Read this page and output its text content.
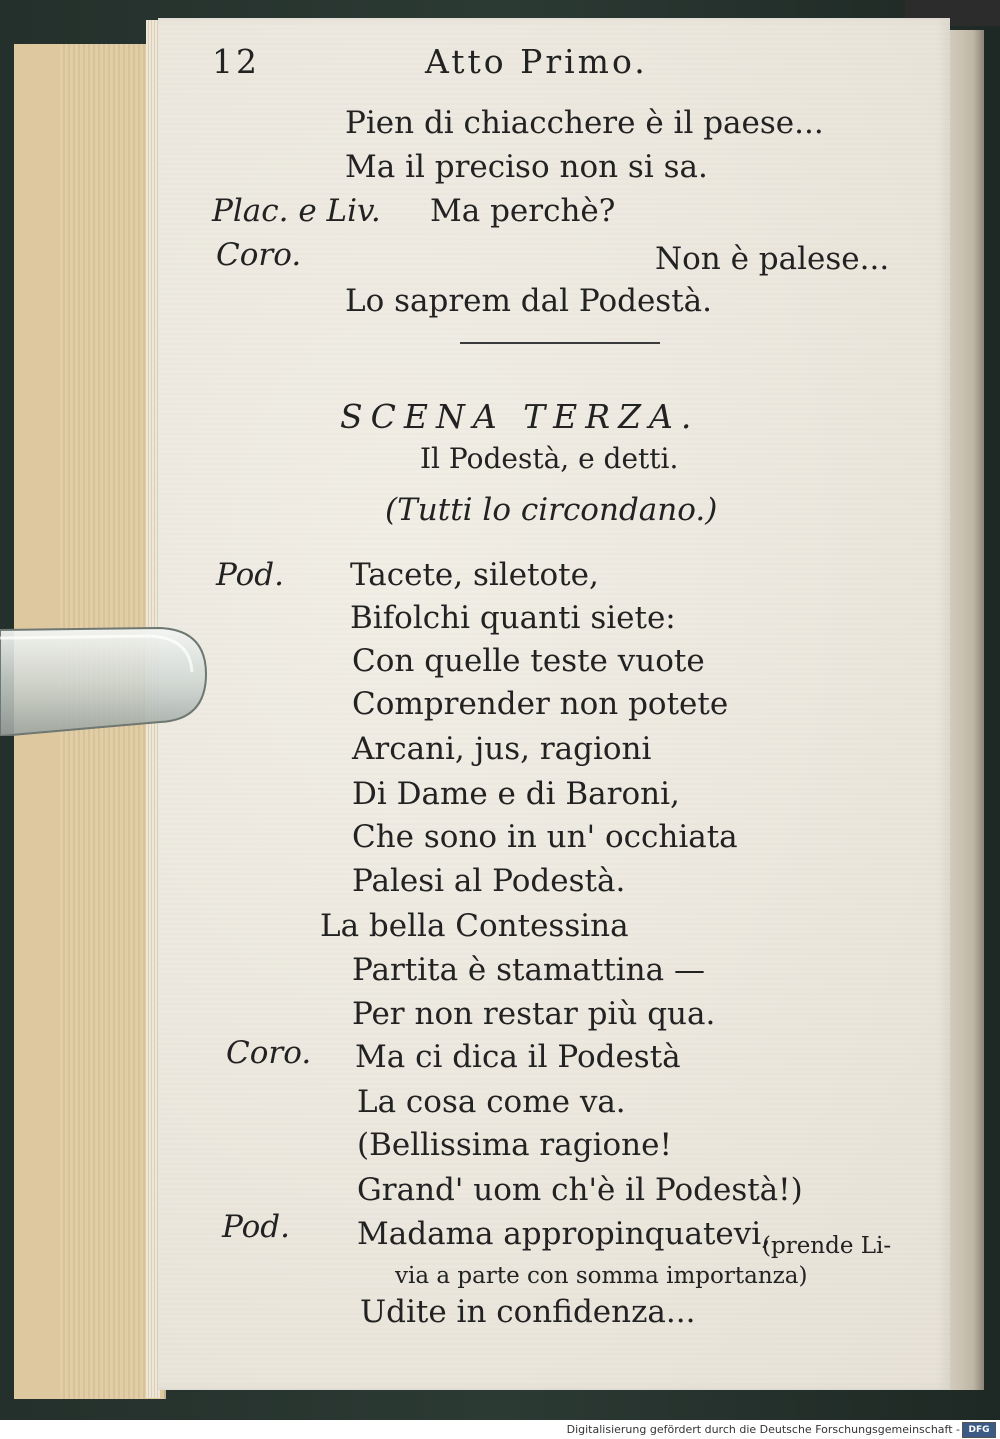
12	Atto Primo.
Pien di chiacchere è il paese...
Ma il preciso non si sa.
Plac. e Liv. Ma perchè?
Coro.	Non è palese...
Lo saprem dal Podestà.
SCENA TERZA.
Il Podestà, e detti.
(Tutti lo circondano.)
Pod. Tacete, siletote,
Bifolchi quanti siete:
Con quelle teste vuote
Comprender non potete
Arcani, jus, ragioni
Di Dame e di Baroni,
Che sono in un' occhiata
Palesi al Podestà.
La bella Contessina
Partita è stamattina —
Per non restar più qua.
Coro. Ma ci dica il Podestà
La cosa come va.
(Bellissima ragione!
Grand' uom ch'è il Podestà!)
Pod. Madama appropinquatevi,
(prende Li-
via a parte con somma importanza)
Udite in confidenza...
Digitalisierung gefördert durch die Deutsche Forschungsgemeinschaft - DFG
